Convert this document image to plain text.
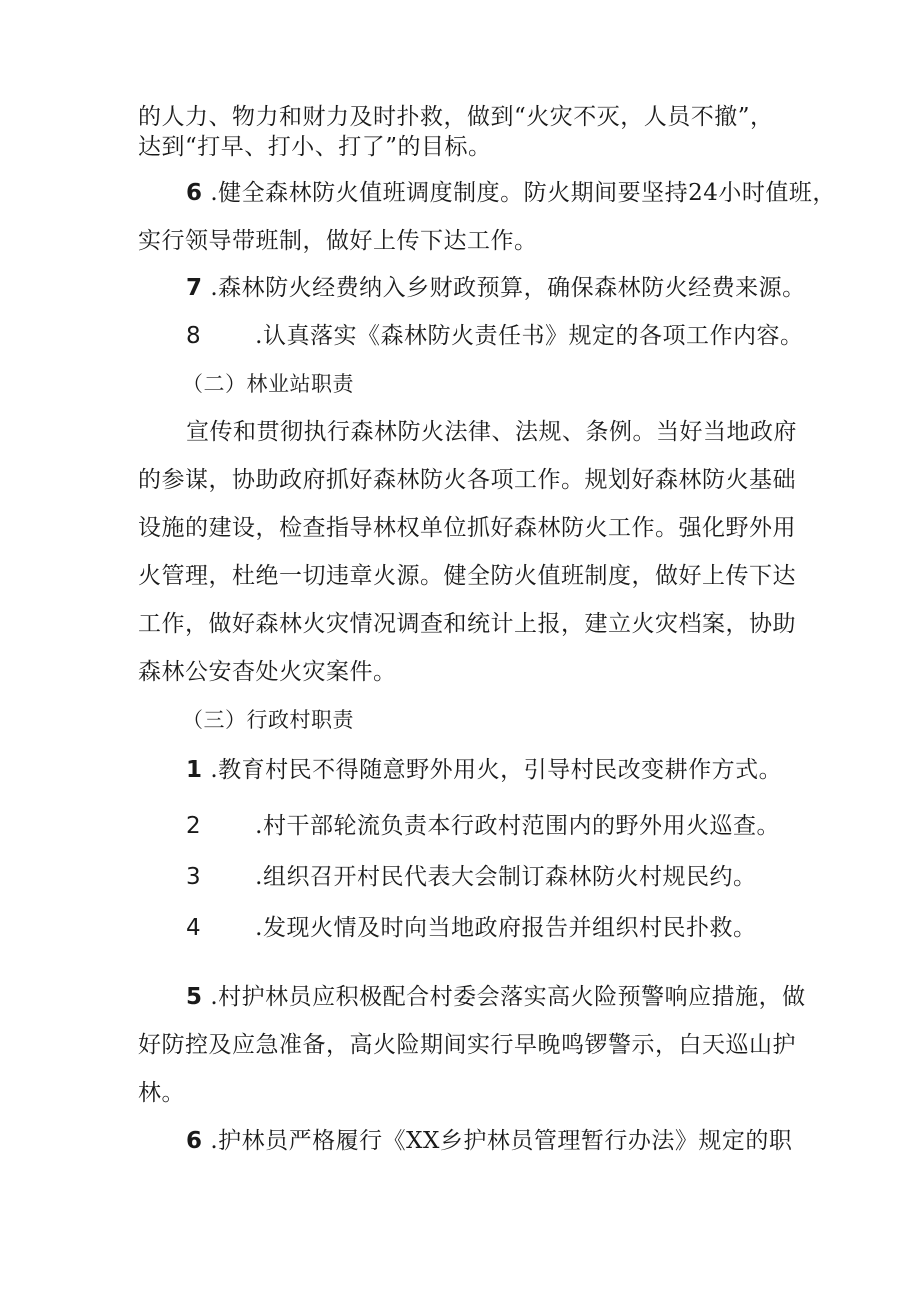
的人力、物力和财力及时扑救，做到“火灾不灭，人员不撤”，
达到“打早、打小、打了”的目标。
6 .健全森林防火值班调度制度。防火期间要坚持24小时值班，
实行领导带班制，做好上传下达工作。
7 .森林防火经费纳入乡财政预算，确保森林防火经费来源。
8 .认真落实《森林防火责任书》规定的各项工作内容。
（二）林业站职责
宣传和贯彻执行森林防火法律、法规、条例。当好当地政府
的参谋，协助政府抓好森林防火各项工作。规划好森林防火基础
设施的建设，检查指导林权单位抓好森林防火工作。强化野外用
火管理，杜绝一切违章火源。健全防火值班制度，做好上传下达
工作，做好森林火灾情况调查和统计上报，建立火灾档案，协助
森林公安杳处火灾案件。
（三）行政村职责
1 .教育村民不得随意野外用火，引导村民改变耕作方式。
2 .村干部轮流负责本行政村范围内的野外用火巡查。
3 .组织召开村民代表大会制订森林防火村规民约。
4 .发现火情及时向当地政府报告并组织村民扑救。
5 .村护林员应积极配合村委会落实高火险预警响应措施，做
好防控及应急准备，高火险期间实行早晚鸣锣警示，白天巡山护
林。
6 .护林员严格履行《XX乡护林员管理暂行办法》规定的职
